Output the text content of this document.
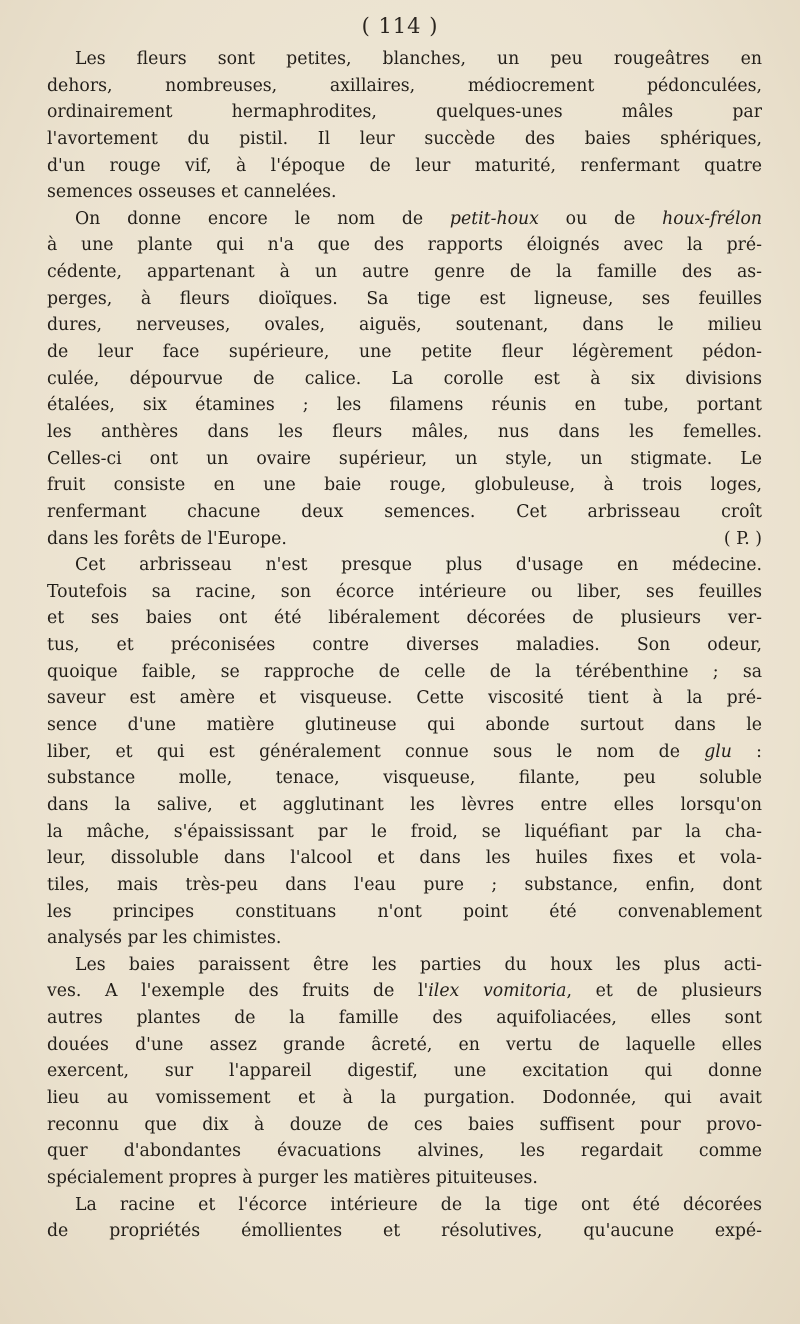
( 114 )
Les fleurs sont petites, blanches, un peu rougeâtres en
dehors, nombreuses, axillaires, médiocrement pédonculées,
ordinairement hermaphrodites, quelques-unes mâles par
l'avortement du pistil. Il leur succède des baies sphériques,
d'un rouge vif, à l'époque de leur maturité, renfermant quatre
semences osseuses et cannelées.
On donne encore le nom de petit-houx ou de houx-frélon
à une plante qui n'a que des rapports éloignés avec la pré-
cédente, appartenant à un autre genre de la famille des as-
perges, à fleurs dioïques. Sa tige est ligneuse, ses feuilles
dures, nerveuses, ovales, aiguës, soutenant, dans le milieu
de leur face supérieure, une petite fleur légèrement pédon-
culée, dépourvue de calice. La corolle est à six divisions
étalées, six étamines ; les filamens réunis en tube, portant
les anthères dans les fleurs mâles, nus dans les femelles.
Celles-ci ont un ovaire supérieur, un style, un stigmate. Le
fruit consiste en une baie rouge, globuleuse, à trois loges,
renfermant chacune deux semences. Cet arbrisseau croît
dans les forêts de l'Europe.	( P. )
Cet arbrisseau n'est presque plus d'usage en médecine.
Toutefois sa racine, son écorce intérieure ou liber, ses feuilles
et ses baies ont été libéralement décorées de plusieurs ver-
tus, et préconisées contre diverses maladies. Son odeur,
quoique faible, se rapproche de celle de la térébenthine ; sa
saveur est amère et visqueuse. Cette viscosité tient à la pré-
sence d'une matière glutineuse qui abonde surtout dans le
liber, et qui est généralement connue sous le nom de glu :
substance molle, tenace, visqueuse, filante, peu soluble
dans la salive, et agglutinant les lèvres entre elles lorsqu'on
la mâche, s'épaississant par le froid, se liquéfiant par la cha-
leur, dissoluble dans l'alcool et dans les huiles fixes et vola-
tiles, mais très-peu dans l'eau pure ; substance, enfin, dont
les principes constituans n'ont point été convenablement
analysés par les chimistes.
Les baies paraissent être les parties du houx les plus acti-
ves. A l'exemple des fruits de l'ilex vomitoria, et de plusieurs
autres plantes de la famille des aquifoliacées, elles sont
douées d'une assez grande âcreté, en vertu de laquelle elles
exercent, sur l'appareil digestif, une excitation qui donne
lieu au vomissement et à la purgation. Dodonnée, qui avait
reconnu que dix à douze de ces baies suffisent pour provo-
quer d'abondantes évacuations alvines, les regardait comme
spécialement propres à purger les matières pituiteuses.
La racine et l'écorce intérieure de la tige ont été décorées
de propriétés émollientes et résolutives, qu'aucune expé-
